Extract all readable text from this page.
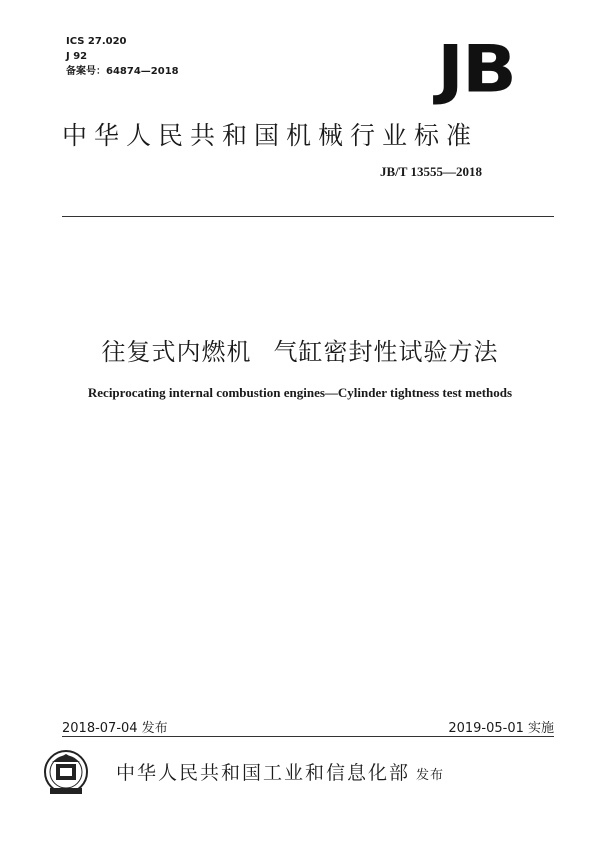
ICS 27.020
J 92
备案号：64874—2018	JB
中华人民共和国机械行业标准
JB/T 13555—2018
往复式内燃机 气缸密封性试验方法
Reciprocating internal combustion engines—Cylinder tightness test methods
2018-07-04 发布	2019-05-01 实施
中华人民共和国工业和信息化部 发布
